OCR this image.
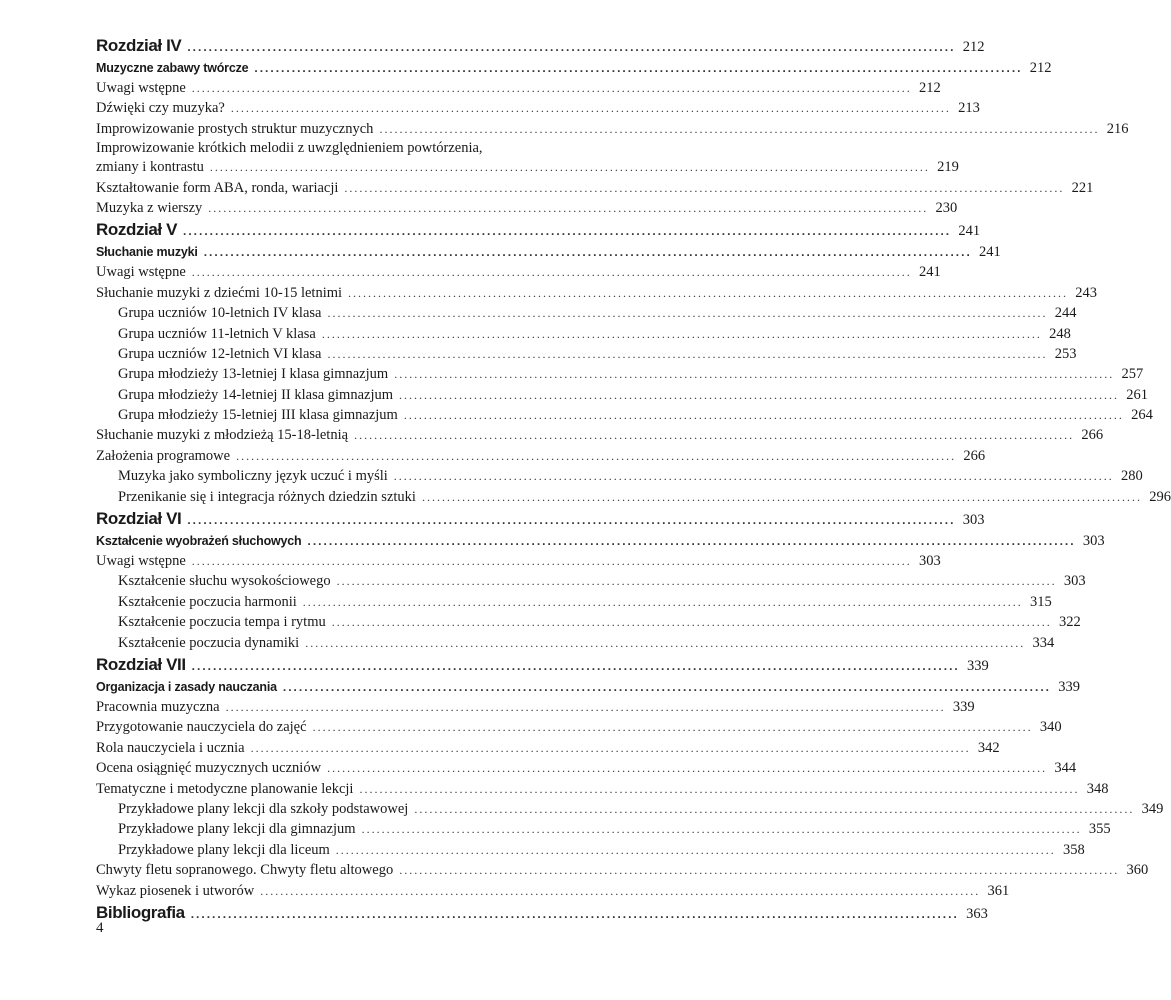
Rozdział IV ................................................................................................................................................ 212
Muzyczne zabawy twórcze ................................................................................................................................................ 212
Uwagi wstępne ................................................................................................................................................ 212
Dźwięki czy muzyka? ................................................................................................................................................ 213
Improwizowanie prostych struktur muzycznych ................................................................................................................................................ 216
Improwizowanie krótkich melodii z uwzględnieniem powtórzenia,
zmiany i kontrastu ................................................................................................................................................ 219
Kształtowanie form ABA, ronda, wariacji ................................................................................................................................................ 221
Muzyka z wierszy ................................................................................................................................................ 230
Rozdział V ................................................................................................................................................ 241
Słuchanie muzyki ................................................................................................................................................ 241
Uwagi wstępne ................................................................................................................................................ 241
Słuchanie muzyki z dziećmi 10-15 letnimi ................................................................................................................................................ 243
Grupa uczniów 10-letnich IV klasa ................................................................................................................................................ 244
Grupa uczniów 11-letnich V klasa ................................................................................................................................................ 248
Grupa uczniów 12-letnich VI klasa ................................................................................................................................................ 253
Grupa młodzieży 13-letniej I klasa gimnazjum ................................................................................................................................................ 257
Grupa młodzieży 14-letniej II klasa gimnazjum ................................................................................................................................................ 261
Grupa młodzieży 15-letniej III klasa gimnazjum ................................................................................................................................................ 264
Słuchanie muzyki z młodzieżą 15-18-letnią ................................................................................................................................................ 266
Założenia programowe ................................................................................................................................................ 266
Muzyka jako symboliczny język uczuć i myśli ................................................................................................................................................ 280
Przenikanie się i integracja różnych dziedzin sztuki ................................................................................................................................................ 296
Rozdział VI ................................................................................................................................................ 303
Kształcenie wyobrażeń słuchowych ................................................................................................................................................ 303
Uwagi wstępne ................................................................................................................................................ 303
Kształcenie słuchu wysokościowego ................................................................................................................................................ 303
Kształcenie poczucia harmonii ................................................................................................................................................ 315
Kształcenie poczucia tempa i rytmu ................................................................................................................................................ 322
Kształcenie poczucia dynamiki ................................................................................................................................................ 334
Rozdział VII ................................................................................................................................................ 339
Organizacja i zasady nauczania ................................................................................................................................................ 339
Pracownia muzyczna ................................................................................................................................................ 339
Przygotowanie nauczyciela do zajęć ................................................................................................................................................ 340
Rola nauczyciela i ucznia ................................................................................................................................................ 342
Ocena osiągnięć muzycznych uczniów ................................................................................................................................................ 344
Tematyczne i metodyczne planowanie lekcji ................................................................................................................................................ 348
Przykładowe plany lekcji dla szkoły podstawowej ................................................................................................................................................ 349
Przykładowe plany lekcji dla gimnazjum ................................................................................................................................................ 355
Przykładowe plany lekcji dla liceum ................................................................................................................................................ 358
Chwyty fletu sopranowego. Chwyty fletu altowego ................................................................................................................................................ 360
Wykaz piosenek i utworów ................................................................................................................................................ 361
Bibliografia ................................................................................................................................................ 363
4
